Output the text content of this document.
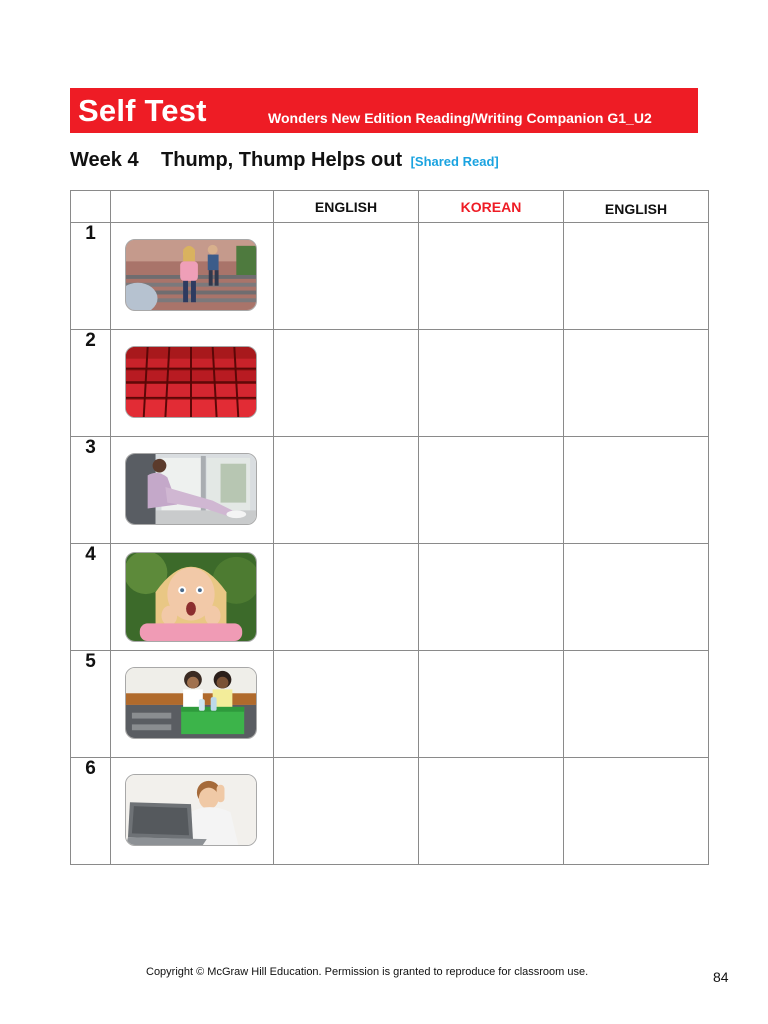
Self Test	Wonders New Edition Reading/Writing Companion G1_U2
Week 4 Thump, Thump Helps out [Shared Read]
		ENGLISH	KOREAN	ENGLISH
1	

2	

3	

4	

5	

6	

Copyright © McGraw Hill Education. Permission is granted to reproduce for classroom use.	84
